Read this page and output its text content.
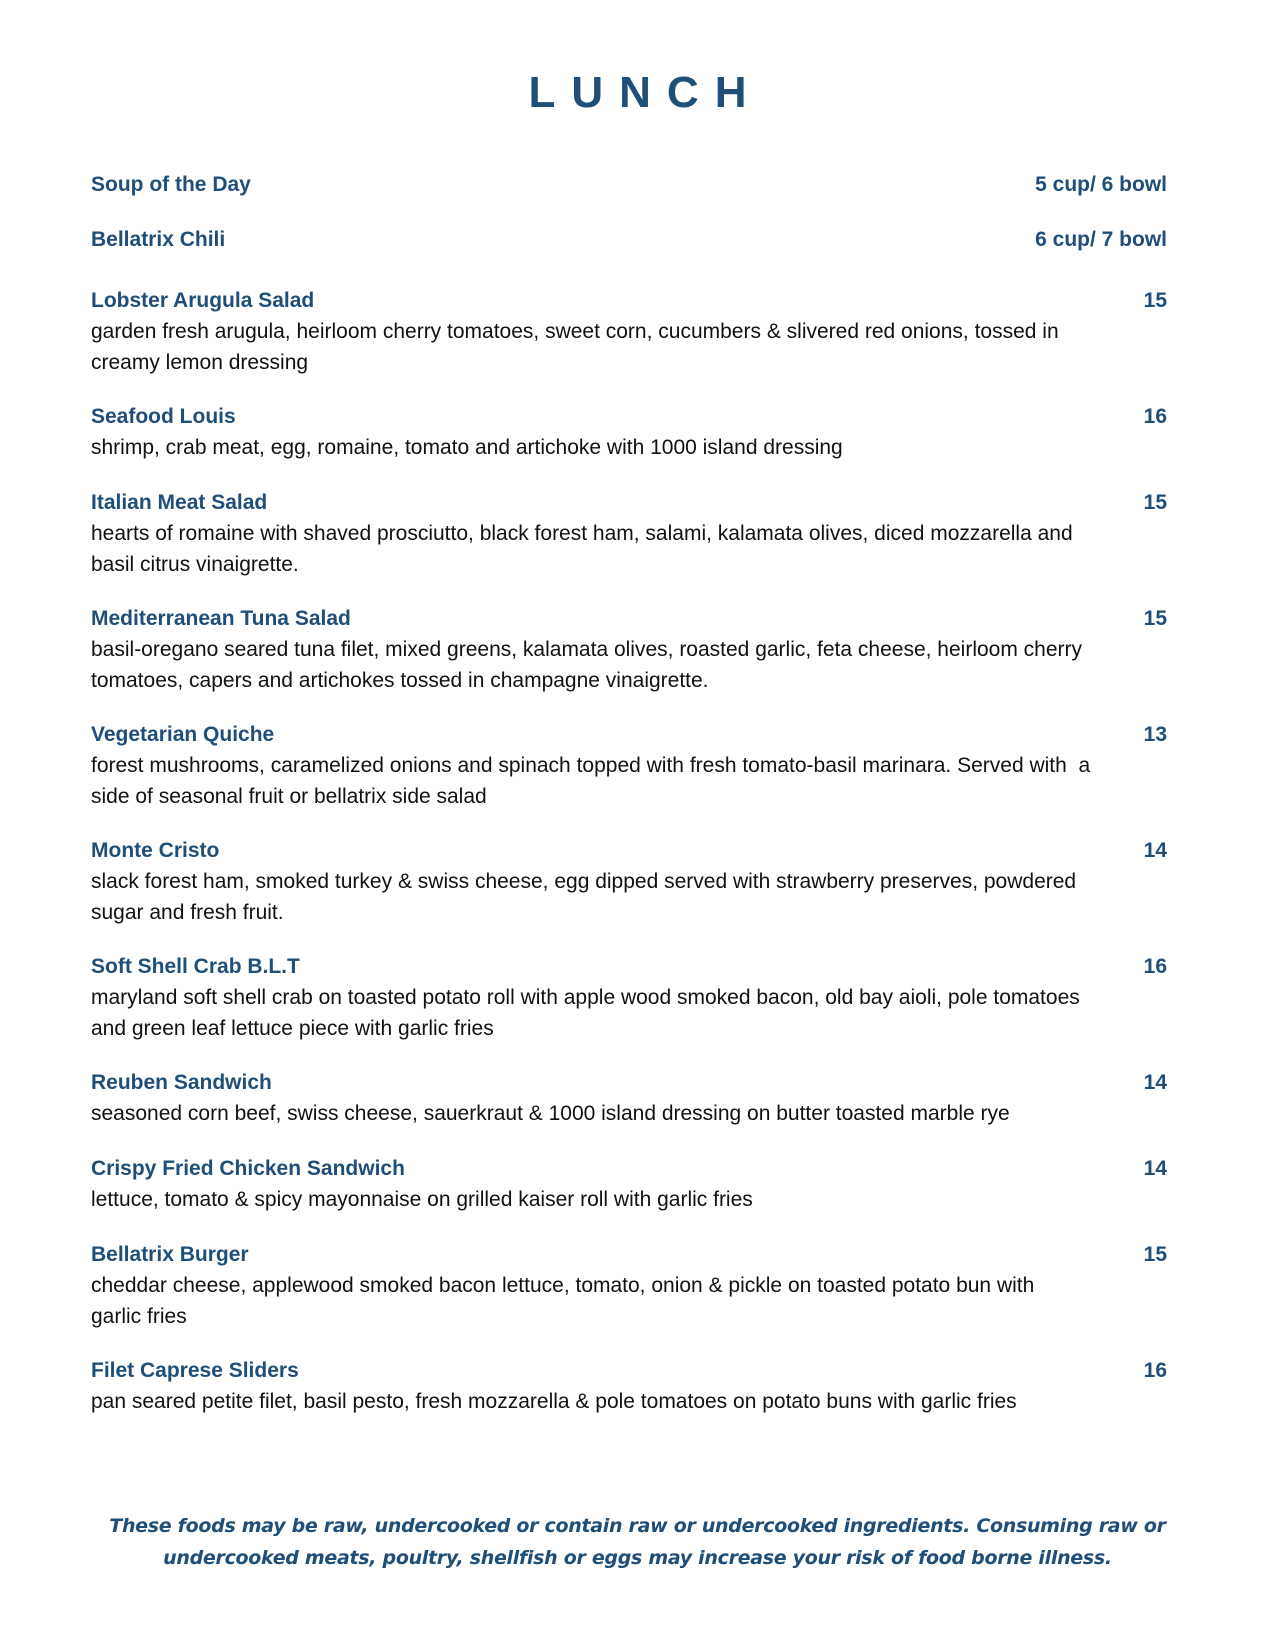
LUNCH
Soup of the Day	5 cup/ 6 bowl
Bellatrix Chili	6 cup/ 7 bowl
Lobster Arugula Salad	15
garden fresh arugula, heirloom cherry tomatoes, sweet corn, cucumbers & slivered red onions, tossed in creamy lemon dressing
Seafood Louis	16
shrimp, crab meat, egg, romaine, tomato and artichoke with 1000 island dressing
Italian Meat Salad	15
hearts of romaine with shaved prosciutto, black forest ham, salami, kalamata olives, diced mozzarella and basil citrus vinaigrette.
Mediterranean Tuna Salad	15
basil-oregano seared tuna filet, mixed greens, kalamata olives, roasted garlic, feta cheese, heirloom cherry tomatoes, capers and artichokes tossed in champagne vinaigrette.
Vegetarian Quiche	13
forest mushrooms, caramelized onions and spinach topped with fresh tomato-basil marinara. Served with  a side of seasonal fruit or bellatrix side salad
Monte Cristo	14
slack forest ham, smoked turkey & swiss cheese, egg dipped served with strawberry preserves, powdered sugar and fresh fruit.
Soft Shell Crab B.L.T	16
maryland soft shell crab on toasted potato roll with apple wood smoked bacon, old bay aioli, pole tomatoes and green leaf lettuce piece with garlic fries
Reuben Sandwich	14
seasoned corn beef, swiss cheese, sauerkraut & 1000 island dressing on butter toasted marble rye
Crispy Fried Chicken Sandwich	14
lettuce, tomato & spicy mayonnaise on grilled kaiser roll with garlic fries
Bellatrix Burger	15
cheddar cheese, applewood smoked bacon lettuce, tomato, onion & pickle on toasted potato bun with garlic fries
Filet Caprese Sliders	16
pan seared petite filet, basil pesto, fresh mozzarella & pole tomatoes on potato buns with garlic fries
These foods may be raw, undercooked or contain raw or undercooked ingredients. Consuming raw or undercooked meats, poultry, shellfish or eggs may increase your risk of food borne illness.
